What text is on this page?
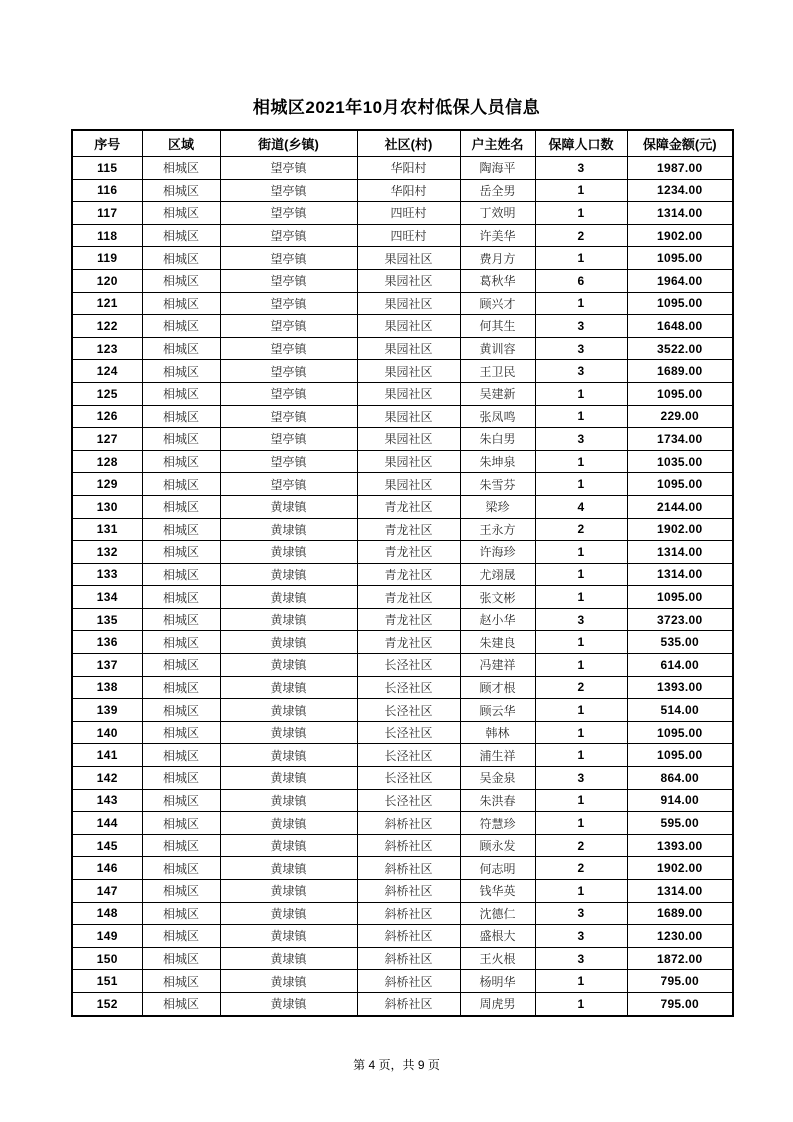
相城区2021年10月农村低保人员信息
序号	区域	街道(乡镇)	社区(村)	户主姓名	保障人口数	保障金额(元)
115	相城区	望亭镇	华阳村	陶海平	3	1987.00
116	相城区	望亭镇	华阳村	岳全男	1	1234.00
117	相城区	望亭镇	四旺村	丁效明	1	1314.00
118	相城区	望亭镇	四旺村	许美华	2	1902.00
119	相城区	望亭镇	果园社区	费月方	1	1095.00
120	相城区	望亭镇	果园社区	葛秋华	6	1964.00
121	相城区	望亭镇	果园社区	顾兴才	1	1095.00
122	相城区	望亭镇	果园社区	何其生	3	1648.00
123	相城区	望亭镇	果园社区	黄训容	3	3522.00
124	相城区	望亭镇	果园社区	王卫民	3	1689.00
125	相城区	望亭镇	果园社区	吴建新	1	1095.00
126	相城区	望亭镇	果园社区	张凤鸣	1	229.00
127	相城区	望亭镇	果园社区	朱白男	3	1734.00
128	相城区	望亭镇	果园社区	朱坤泉	1	1035.00
129	相城区	望亭镇	果园社区	朱雪芬	1	1095.00
130	相城区	黄埭镇	青龙社区	梁珍	4	2144.00
131	相城区	黄埭镇	青龙社区	王永方	2	1902.00
132	相城区	黄埭镇	青龙社区	许海珍	1	1314.00
133	相城区	黄埭镇	青龙社区	尤翊晟	1	1314.00
134	相城区	黄埭镇	青龙社区	张文彬	1	1095.00
135	相城区	黄埭镇	青龙社区	赵小华	3	3723.00
136	相城区	黄埭镇	青龙社区	朱建良	1	535.00
137	相城区	黄埭镇	长泾社区	冯建祥	1	614.00
138	相城区	黄埭镇	长泾社区	顾才根	2	1393.00
139	相城区	黄埭镇	长泾社区	顾云华	1	514.00
140	相城区	黄埭镇	长泾社区	韩林	1	1095.00
141	相城区	黄埭镇	长泾社区	浦生祥	1	1095.00
142	相城区	黄埭镇	长泾社区	吴金泉	3	864.00
143	相城区	黄埭镇	长泾社区	朱洪春	1	914.00
144	相城区	黄埭镇	斜桥社区	符慧珍	1	595.00
145	相城区	黄埭镇	斜桥社区	顾永发	2	1393.00
146	相城区	黄埭镇	斜桥社区	何志明	2	1902.00
147	相城区	黄埭镇	斜桥社区	钱华英	1	1314.00
148	相城区	黄埭镇	斜桥社区	沈德仁	3	1689.00
149	相城区	黄埭镇	斜桥社区	盛根大	3	1230.00
150	相城区	黄埭镇	斜桥社区	王火根	3	1872.00
151	相城区	黄埭镇	斜桥社区	杨明华	1	795.00
152	相城区	黄埭镇	斜桥社区	周虎男	1	795.00
第 4 页，共 9 页
